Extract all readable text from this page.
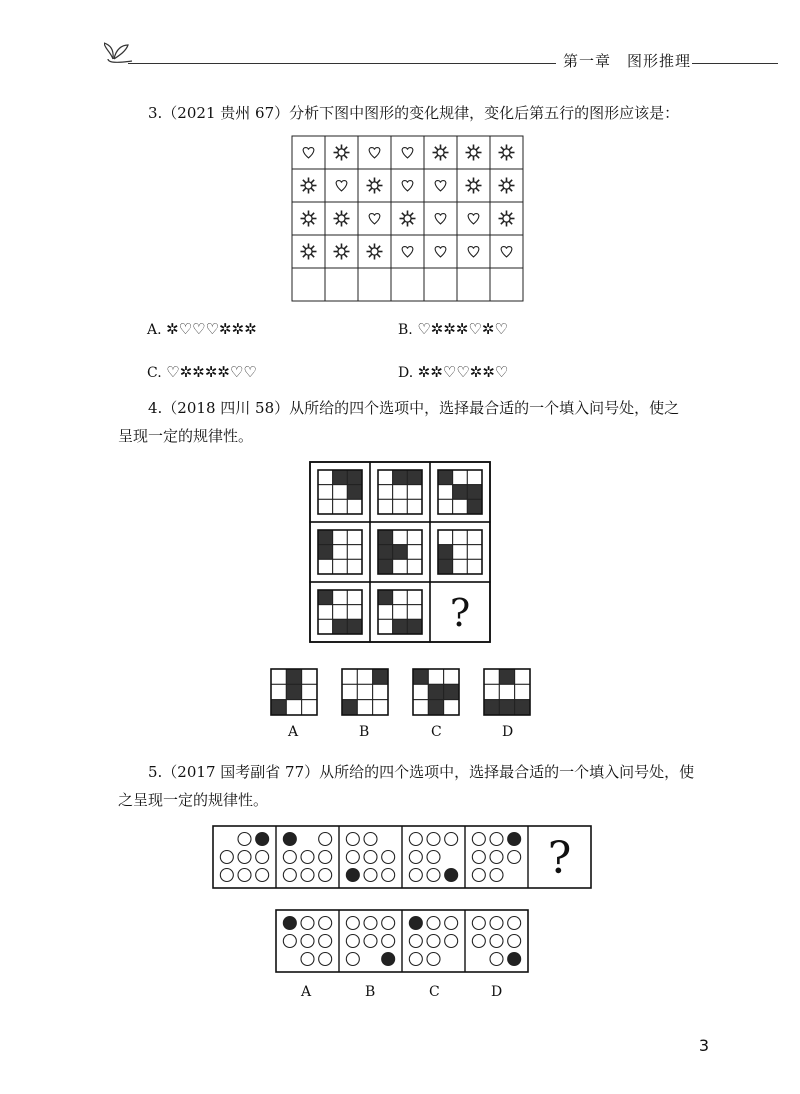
第一章　图形推理
3.（2021 贵州 67）分析下图中图形的变化规律，变化后第五行的图形应该是：
A. ✲♡♡♡✲✲✲	B. ♡✲✲✲♡✲♡
C. ♡✲✲✲✲♡♡	D. ✲✲♡♡✲✲♡
4.（2018 四川 58）从所给的四个选项中，选择最合适的一个填入问号处，使之
呈现一定的规律性。
?
A	B	C	D
5.（2017 国考副省 77）从所给的四个选项中，选择最合适的一个填入问号处，使
之呈现一定的规律性。
?
A	B	C	D
3
